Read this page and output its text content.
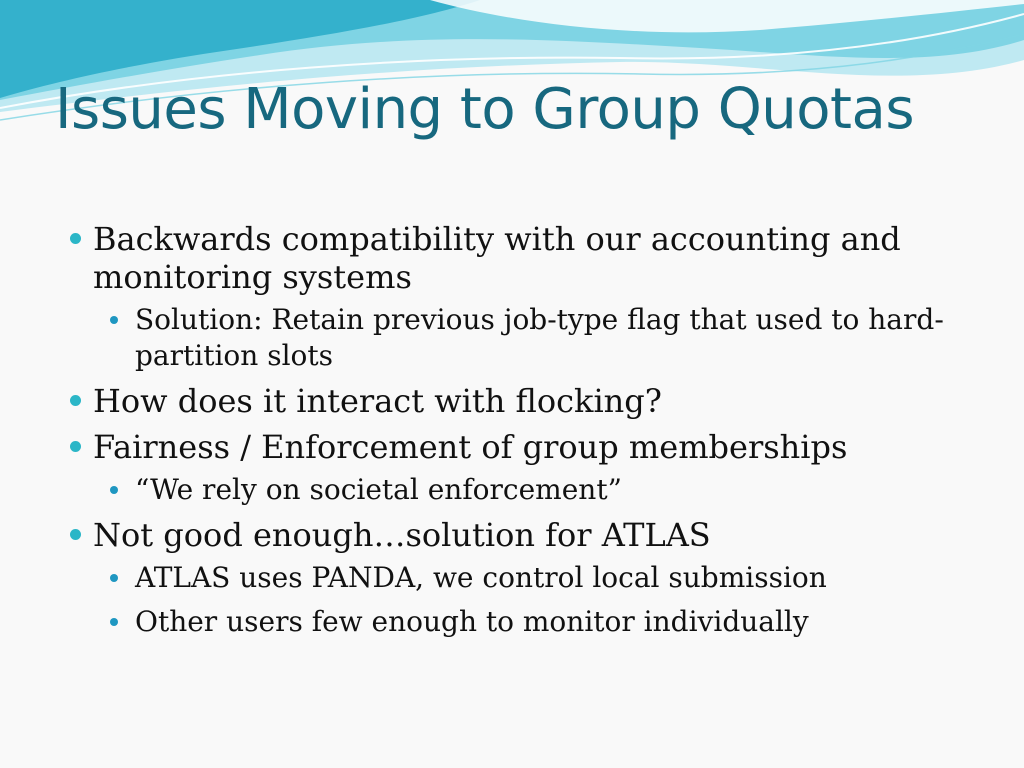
Issues Moving to Group Quotas
Backwards compatibility with our accounting and monitoring systems
Solution: Retain previous job-type flag that used to hard-partition slots
How does it interact with flocking?
Fairness / Enforcement of group memberships
“We rely on societal enforcement”
Not good enough…solution for ATLAS
ATLAS uses PANDA, we control local submission
Other users few enough to monitor individually
